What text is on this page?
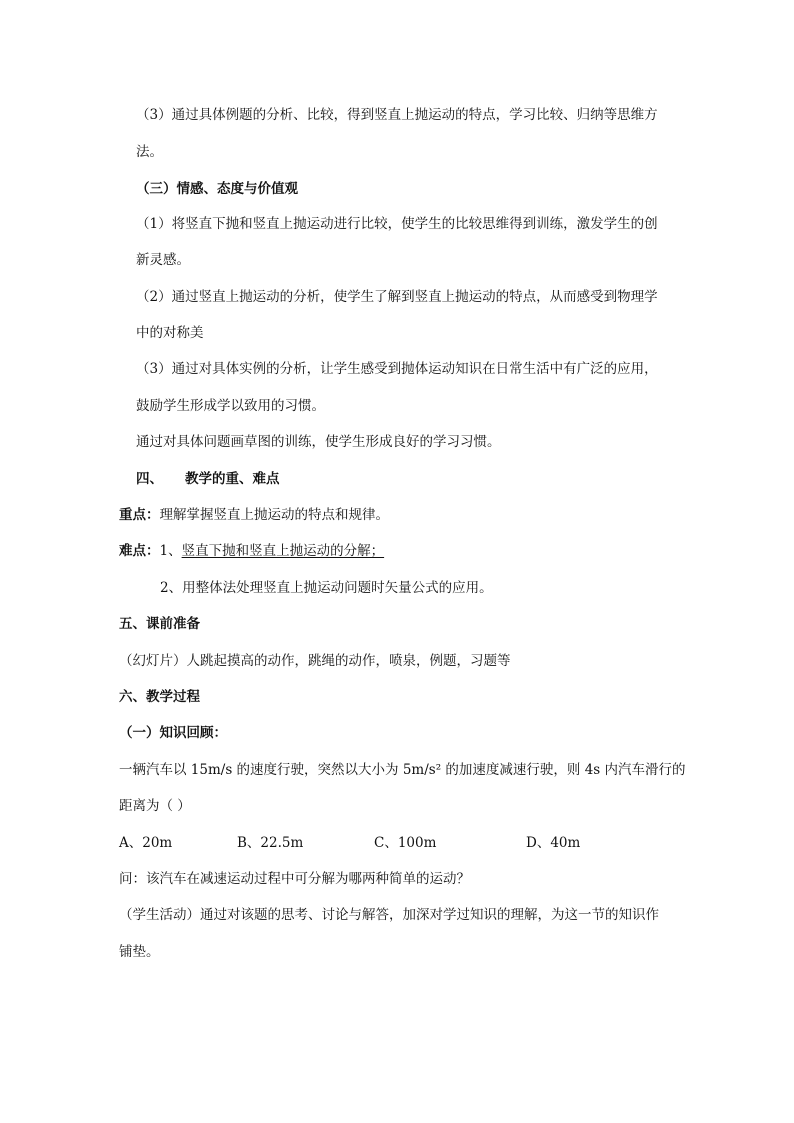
（3）通过具体例题的分析、比较，得到竖直上抛运动的特点，学习比较、归纳等思维方
法。
（三）情感、态度与价值观
（1）将竖直下抛和竖直上抛运动进行比较，使学生的比较思维得到训练，激发学生的创
新灵感。
（2）通过竖直上抛运动的分析，使学生了解到竖直上抛运动的特点，从而感受到物理学
中的对称美
（3）通过对具体实例的分析，让学生感受到抛体运动知识在日常生活中有广泛的应用，
鼓励学生形成学以致用的习惯。
通过对具体问题画草图的训练，使学生形成良好的学习习惯。
四、 教学的重、难点
重点：理解掌握竖直上抛运动的特点和规律。
难点：1、竖直下抛和竖直上抛运动的分解；
2、用整体法处理竖直上抛运动问题时矢量公式的应用。
五、课前准备
（幻灯片）人跳起摸高的动作，跳绳的动作，喷泉，例题，习题等
六、教学过程
（一）知识回顾：
一辆汽车以 15m/s 的速度行驶，突然以大小为 5m/s² 的加速度减速行驶，则 4s 内汽车滑行的
距离为（ ）
A、20m	B、22.5m	C、100m	D、40m
问：该汽车在减速运动过程中可分解为哪两种简单的运动？
（学生活动）通过对该题的思考、讨论与解答，加深对学过知识的理解，为这一节的知识作
铺垫。
